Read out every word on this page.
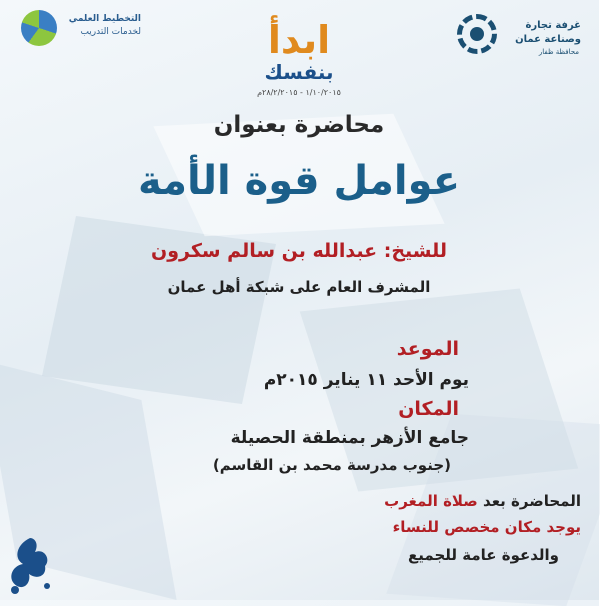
غرفة تجارة
وصناعة عمان
محافظة ظفار
ابدأ
بنفسك
١/١٠/٢٠١٥ - ٢٨/٢/٢٠١٥م
التخطيط العلمي
لخدمات التدريب

محاضرة بعنوان

عوامل قوة الأمة

للشيخ: عبدالله بن سالم سكرون

المشرف العام على شبكة أهل عمان

الموعد

يوم الأحد ١١ يناير ٢٠١٥م

المكان

جامع الأزهر بمنطقة الحصيلة

(جنوب مدرسة محمد بن القاسم)

المحاضرة بعد صلاة المغرب

يوجد مكان مخصص للنساء

والدعوة عامة للجميع
